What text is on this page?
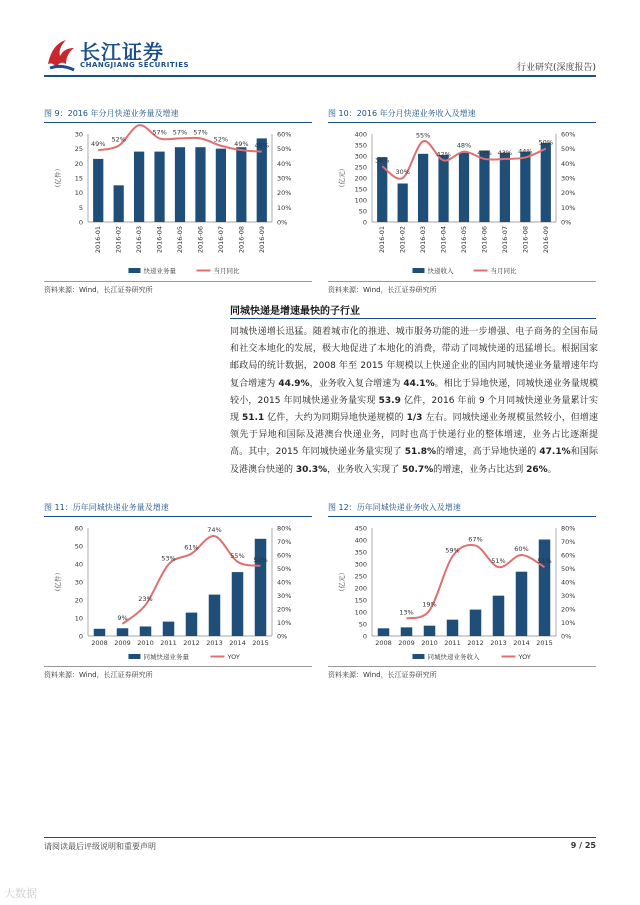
长江证券
CHANGJIANG SECURITIES	行业研究(深度报告)
图 9：2016 年分月快递业务量及增速
0
5
10
15
20
25
30
0%
10%
20%
30%
40%
50%
60%
（亿件）
2016-01 2016-02 2016-03 2016-04 2016-05 2016-06 2016-07 2016-08 2016-09
49%
52%
57% 57% 57%
52%
49% 48%
快递业务量	当月同比
资料来源：Wind，长江证券研究所
图 10：2016 年分月快递业务收入及增速
0
50
100
150
200
250
300
350
400
0%
10%
20%
30%
40%
50%
60%
（亿元）
2016-01 2016-02 2016-03 2016-04 2016-05 2016-06 2016-07 2016-08 2016-09
38%
30%
55%
42%
48%
43% 43% 44%
50%
快递收入	当月同比
资料来源：Wind，长江证券研究所
同城快递是增速最快的子行业
同城快递增长迅猛。随着城市化的推进、城市服务功能的进一步增强、电子商务的全国布局和社交本地化的发展，极大地促进了本地化的消费，带动了同城快递的迅猛增长。根据国家邮政局的统计数据，2008 年至 2015 年规模以上快递企业的国内同城快递业务量增速年均复合增速为 44.9%，业务收入复合增速为 44.1%。相比于异地快递，同城快递业务量规模较小，2015 年同城快递业务量实现 53.9 亿件，2016 年前 9 个月同城快递业务量累计实现 51.1 亿件，大约为同期异地快递规模的 1/3 左右。同城快递业务规模虽然较小，但增速领先于异地和国际及港澳台快递业务，同时也高于快递行业的整体增速，业务占比逐渐提高。其中，2015 年同城快递业务量实现了 51.8%的增速，高于异地快递的 47.1%和国际及港澳台快递的 30.3%，业务收入实现了 50.7%的增速，业务占比达到 26%。
图 11：历年同城快递业务量及增速
0
10
20
30
40
50
60
0%
10%
20%
30%
40%
50%
60%
70%
80%
（亿件）
2008 2009 2010 2011 2012 2013 2014 2015
9%
23%
53%
61%
74%
55%
52%
同城快递业务量	YOY
资料来源：Wind，长江证券研究所
图 12：历年同城快递业务收入及增速
0
50
100
150
200
250
300
350
400
450
0%
10%
20%
30%
40%
50%
60%
70%
80%
（亿元）
2008 2009 2010 2011 2012 2013 2014 2015
13%
19%
59%
67%
51%
60%
51%
同城快递业务收入	YOY
资料来源：Wind，长江证券研究所
请阅读最后评级说明和重要声明	9 / 25
大数据
